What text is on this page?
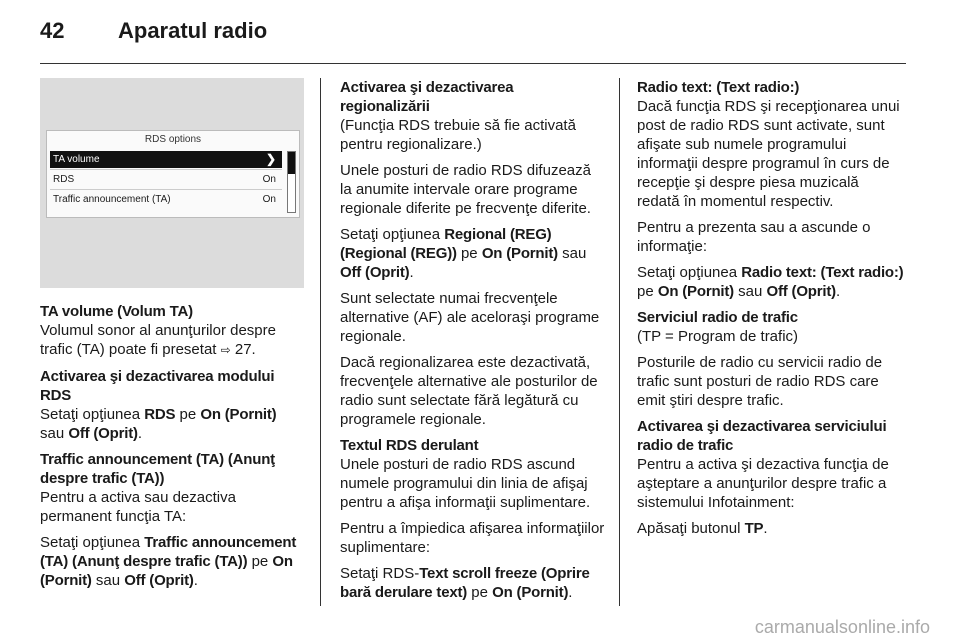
42 Aparatul radio
RDS options
TA volume	❯
RDS	On
Traffic announcement (TA)	On
TA volume (Volum TA)

Volumul sonor al anunţurilor despre trafic (TA) poate fi presetat ⇨ 27.

Activarea şi dezactivarea modului RDS

Setaţi opţiunea RDS pe On (Pornit) sau Off (Oprit).

Traffic announcement (TA) (Anunţ despre trafic (TA))

Pentru a activa sau dezactiva permanent funcţia TA:

Setaţi opţiunea Traffic announcement (TA) (Anunţ despre trafic (TA)) pe On (Pornit) sau Off (Oprit).

Activarea şi dezactivarea regionalizării

(Funcţia RDS trebuie să fie activată pentru regionalizare.)

Unele posturi de radio RDS difuzează la anumite intervale orare programe regionale diferite pe frecvenţe diferite.

Setaţi opţiunea Regional (REG) (Regional (REG)) pe On (Pornit) sau Off (Oprit).

Sunt selectate numai frecvenţele alternative (AF) ale aceloraşi programe regionale.

Dacă regionalizarea este dezactivată, frecvenţele alternative ale posturilor de radio sunt selectate fără legătură cu programele regionale.

Textul RDS derulant

Unele posturi de radio RDS ascund numele programului din linia de afişaj pentru a afişa informaţii suplimentare.

Pentru a împiedica afişarea informaţiilor suplimentare:

Setaţi RDS-Text scroll freeze (Oprire bară derulare text) pe On (Pornit).

Radio text: (Text radio:)

Dacă funcţia RDS şi recepţionarea unui post de radio RDS sunt activate, sunt afişate sub numele programului informaţii despre programul în curs de recepţie şi despre piesa muzicală redată în momentul respectiv.

Pentru a prezenta sau a ascunde o informaţie:

Setaţi opţiunea Radio text: (Text radio:) pe On (Pornit) sau Off (Oprit).

Serviciul radio de trafic

(TP = Program de trafic)

Posturile de radio cu servicii radio de trafic sunt posturi de radio RDS care emit ştiri despre trafic.

Activarea şi dezactivarea serviciului radio de trafic

Pentru a activa şi dezactiva funcţia de aşteptare a anunţurilor despre trafic a sistemului Infotainment:

Apăsaţi butonul TP.

carmanualsonline.info
